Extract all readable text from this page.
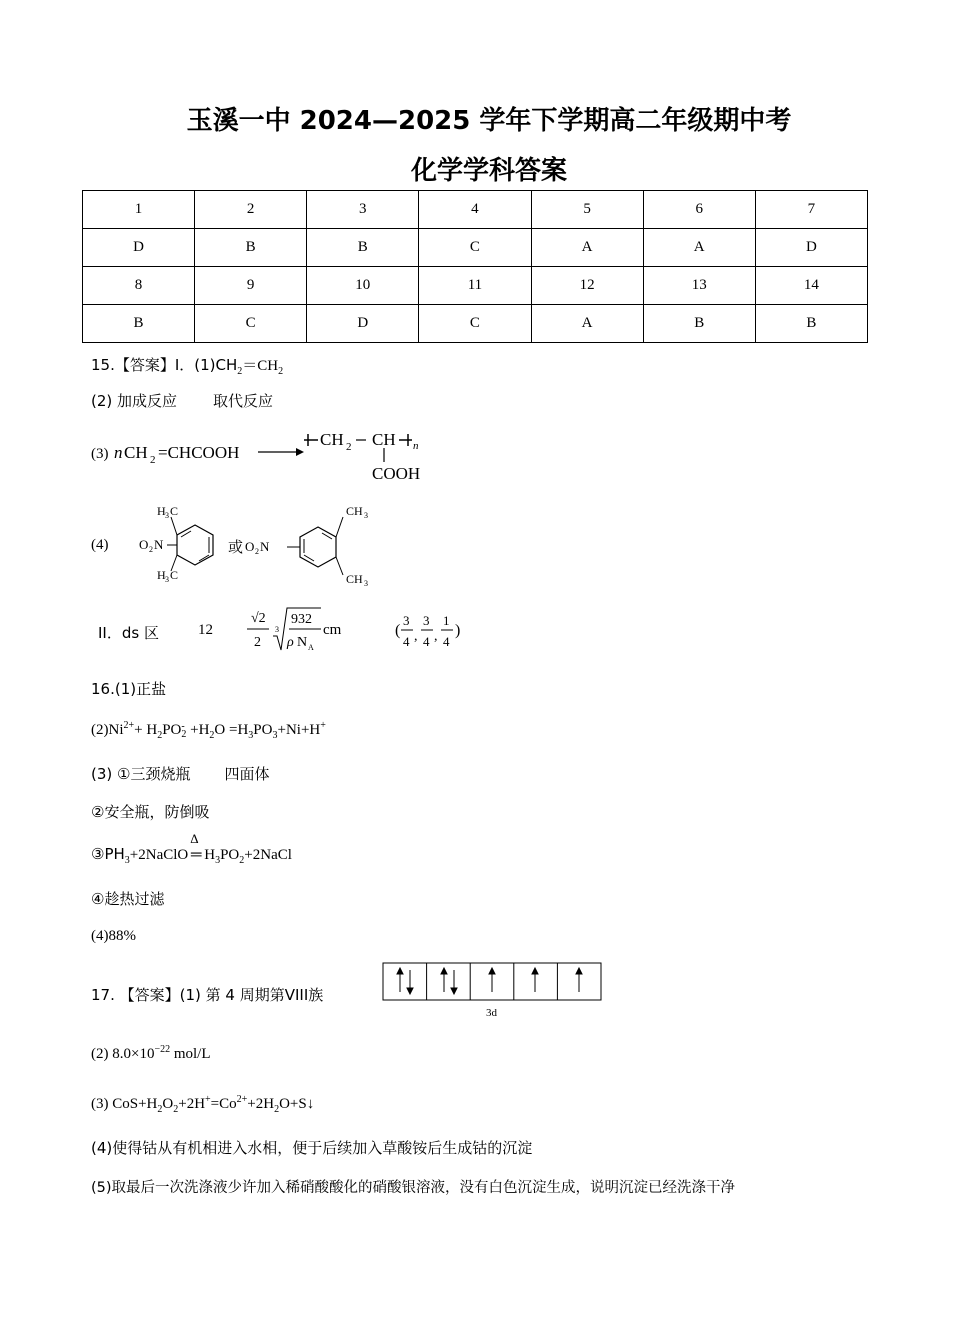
玉溪一中 2024—2025 学年下学期高二年级期中考
化学学科答案
1	2	3	4	5	6	7
D	B	B	C	A	A	D
8	9	10	11	12	13	14
B	C	D	C	A	B	B
15.【答案】I．$(1)CH_2=CH_2$
(2) 加成反应 取代反应
(3) n CH 2 =CHCOOH
CH 2 CH n
COOH
(4)
CH 3
CH 3
O 2 N
H 3 C
H 3 C
O 2 N	或
II．ds 区	12
√2
2
3
932
ρ N A
cm	(
3
4 ,
3
4 ,
1
4
)
16.(1)正盐
$(2)Ni^{2+}+ H_2PO-$
$2 +H_2O =H_3PO_3+Ni+H^+$
(3) ①三颈烧瓶 四面体
②安全瓶，防倒吸
$③PH_3+2NaClO$
Δ
═ $H_3PO_2+2NaCl$
④趁热过滤
(4)88%
17. 【答案】(1) 第 4 周期第VIII族
3d
(2) $8.0\times 10^{-22}$ mol/L
(3) $CoS+H_2O_2+2H^+=Co^{2+}+2H_2O+S↓$
(4)使得钴从有机相进入水相，便于后续加入草酸铵后生成钴的沉淀
(5)取最后一次洗涤液少许加入稀硝酸酸化的硝酸银溶液，没有白色沉淀生成，说明沉淀已经洗涤干净
